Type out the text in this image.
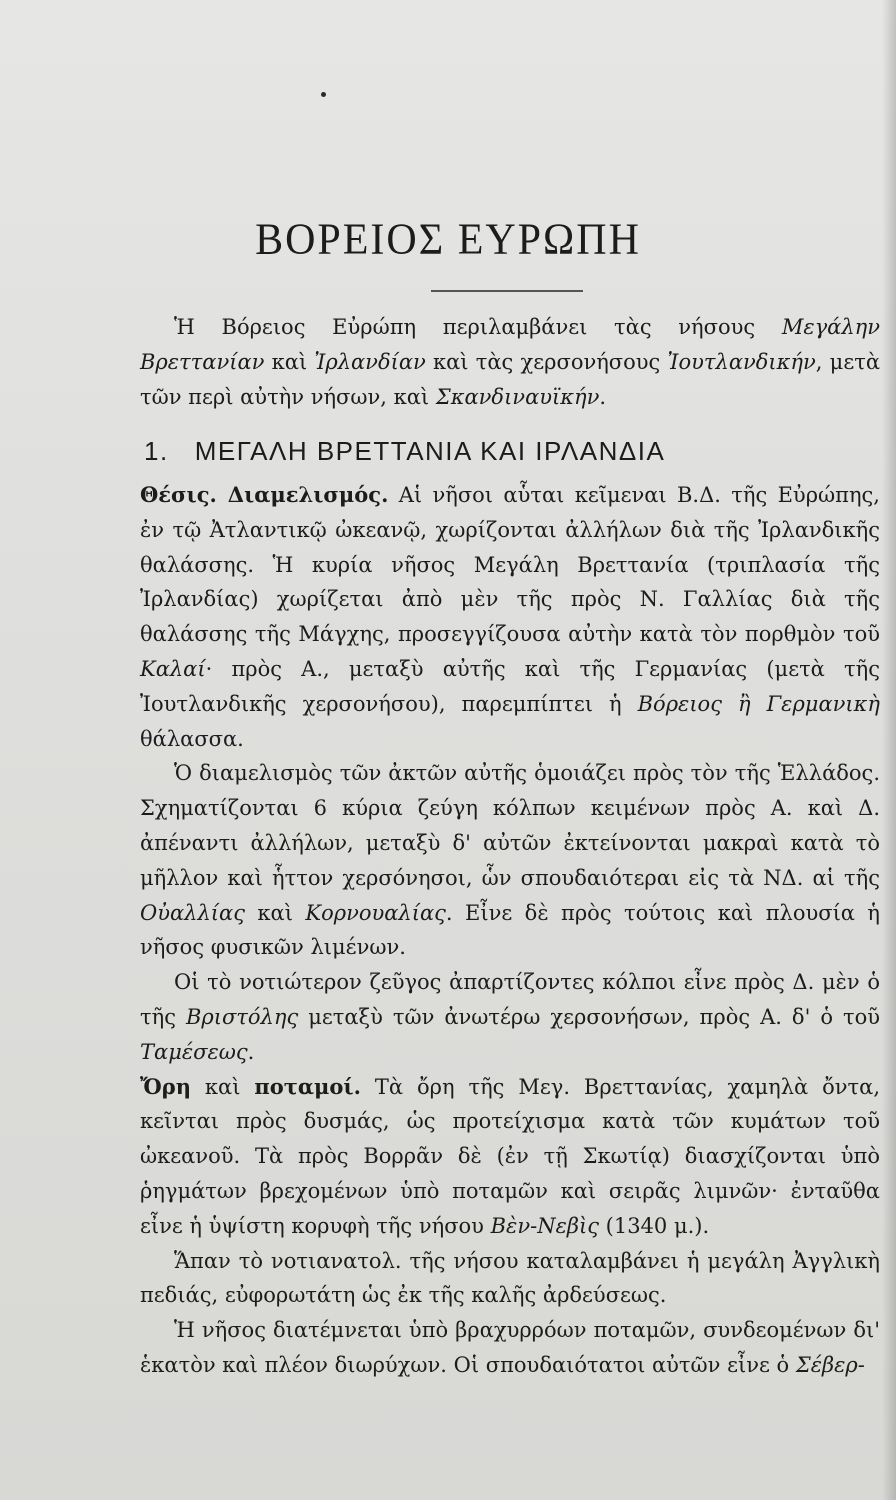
ΒΟΡΕΙΟΣ ΕΥΡΩΠΗ

Ἡ Βόρειος Εὐρώπη περιλαμβάνει τὰς νήσους Μεγάλην Βρεττανίαν καὶ Ἰρλανδίαν καὶ τὰς χερσονήσους Ἰουτλανδικήν, μετὰ τῶν περὶ αὐτὴν νήσων, καὶ Σκανδιναυϊκήν.

1. ΜΕΓΑΛΗ ΒΡΕΤΤΑΝΙΑ ΚΑΙ ΙΡΛΑΝΔΙΑ

Θέσις. Διαμελισμός. Αἱ νῆσοι αὗται κεῖμεναι Β.Δ. τῆς Εὐρώπης, ἐν τῷ Ἀτλαντικῷ ὠκεανῷ, χωρίζονται ἀλλήλων διὰ τῆς Ἰρλανδικῆς θαλάσσης. Ἡ κυρία νῆσος Μεγάλη Βρεττανία (τριπλασία τῆς Ἰρλανδίας) χωρίζεται ἀπὸ μὲν τῆς πρὸς Ν. Γαλλίας διὰ τῆς θαλάσσης τῆς Μάγχης, προσεγγίζουσα αὐτὴν κατὰ τὸν πορθμὸν τοῦ Καλαί· πρὸς Α., μεταξὺ αὐτῆς καὶ τῆς Γερμανίας (μετὰ τῆς Ἰουτλανδικῆς χερσονήσου), παρεμπίπτει ἡ Βόρειος ἢ Γερμανικὴ θάλασσα.

Ὁ διαμελισμὸς τῶν ἀκτῶν αὐτῆς ὁμοιάζει πρὸς τὸν τῆς Ἑλλάδος. Σχηματίζονται 6 κύρια ζεύγη κόλπων κειμένων πρὸς Α. καὶ Δ. ἀπέναντι ἀλλήλων, μεταξὺ δ' αὐτῶν ἐκτείνονται μακραὶ κατὰ τὸ μῆλλον καὶ ἧττον χερσόνησοι, ὧν σπουδαιότεραι εἰς τὰ ΝΔ. αἱ τῆς Οὐαλλίας καὶ Κορνουαλίας. Εἶνε δὲ πρὸς τούτοις καὶ πλουσία ἡ νῆσος φυσικῶν λιμένων.

Οἱ τὸ νοτιώτερον ζεῦγος ἀπαρτίζοντες κόλποι εἶνε πρὸς Δ. μὲν ὁ τῆς Βριστόλης μεταξὺ τῶν ἀνωτέρω χερσονήσων, πρὸς Α. δ' ὁ τοῦ Ταμέσεως.

Ὄρη καὶ ποταμοί. Τὰ ὄρη τῆς Μεγ. Βρεττανίας, χαμηλὰ ὄντα, κεῖνται πρὸς δυσμάς, ὡς προτείχισμα κατὰ τῶν κυμάτων τοῦ ὠκεανοῦ. Τὰ πρὸς Βορρᾶν δὲ (ἐν τῇ Σκωτίᾳ) διασχίζονται ὑπὸ ῥηγμάτων βρεχομένων ὑπὸ ποταμῶν καὶ σειρᾶς λιμνῶν· ἐνταῦθα εἶνε ἡ ὑψίστη κορυφὴ τῆς νήσου Βὲν-Νεβὶς (1340 μ.).

Ἅπαν τὸ νοτιανατολ. τῆς νήσου καταλαμβάνει ἡ μεγάλη Ἀγγλικὴ πεδιάς, εὐφορωτάτη ὡς ἐκ τῆς καλῆς ἀρδεύσεως.

Ἡ νῆσος διατέμνεται ὑπὸ βραχυρρόων ποταμῶν, συνδεομένων δι' ἑκατὸν καὶ πλέον διωρύχων. Οἱ σπουδαιότατοι αὐτῶν εἶνε ὁ Σέβερ-
